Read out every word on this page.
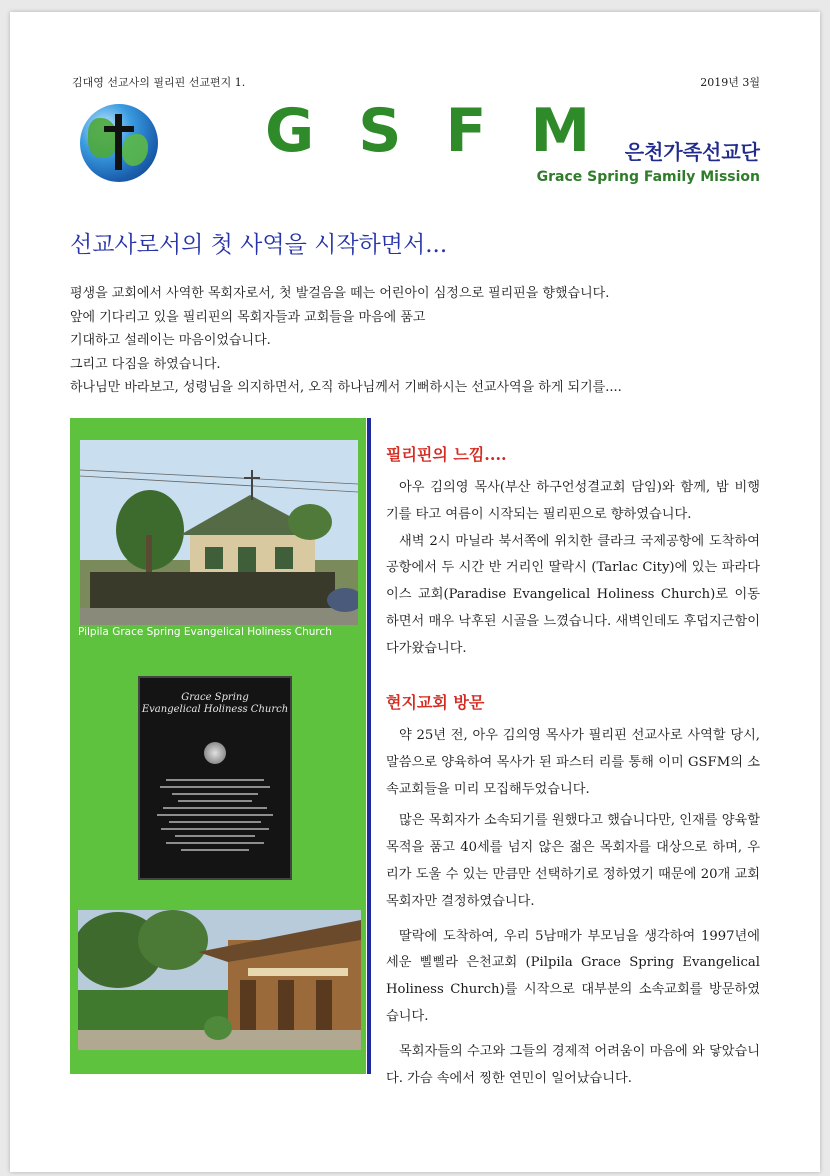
김대영 선교사의 필리핀 선교편지 1.	2019년 3월
GSFM
은천가족선교단
Grace Spring Family Mission
선교사로서의 첫 사역을 시작하면서...
평생을 교회에서 사역한 목회자로서, 첫 발걸음을 떼는 어린아이 심정으로 필리핀을 향했습니다.
앞에 기다리고 있을 필리핀의 목회자들과 교회들을 마음에 품고
기대하고 설레이는 마음이었습니다.
그리고 다짐을 하였습니다.
하나님만 바라보고, 성령님을 의지하면서, 오직 하나님께서 기뻐하시는 선교사역을 하게 되기를....
Pilpila Grace Spring Evangelical Holiness Church
Grace Spring
Evangelical Holiness Church
필리핀의 느낌....
아우 김의영 목사(부산 하구언성결교회 담임)와 함께, 밤 비행기를 타고 여름이 시작되는 필리핀으로 향하였습니다.
새벽 2시 마닐라 북서쪽에 위치한 클라크 국제공항에 도착하여 공항에서 두 시간 반 거리인 딸락시 (Tarlac City)에 있는 파라다이스 교회(Paradise Evangelical Holiness Church)로 이동하면서 매우 낙후된 시골을 느꼈습니다. 새벽인데도 후덥지근함이 다가왔습니다.
현지교회 방문
약 25년 전, 아우 김의영 목사가 필리핀 선교사로 사역할 당시, 말씀으로 양육하여 목사가 된 파스터 리를 통해 이미 GSFM의 소속교회들을 미리 모집해두었습니다.
많은 목회자가 소속되기를 원했다고 했습니다만, 인재를 양육할 목적을 품고 40세를 넘지 않은 젊은 목회자를 대상으로 하며, 우리가 도울 수 있는 만큼만 선택하기로 정하였기 때문에 20개 교회 목회자만 결정하였습니다.
딸락에 도착하여, 우리 5남매가 부모님을 생각하여 1997년에 세운 삘삘라 은천교회 (Pilpila Grace Spring Evangelical Holiness Church)를 시작으로 대부분의 소속교회를 방문하였습니다.
목회자들의 수고와 그들의 경제적 어려움이 마음에 와 닿았습니다. 가슴 속에서 찡한 연민이 일어났습니다.
